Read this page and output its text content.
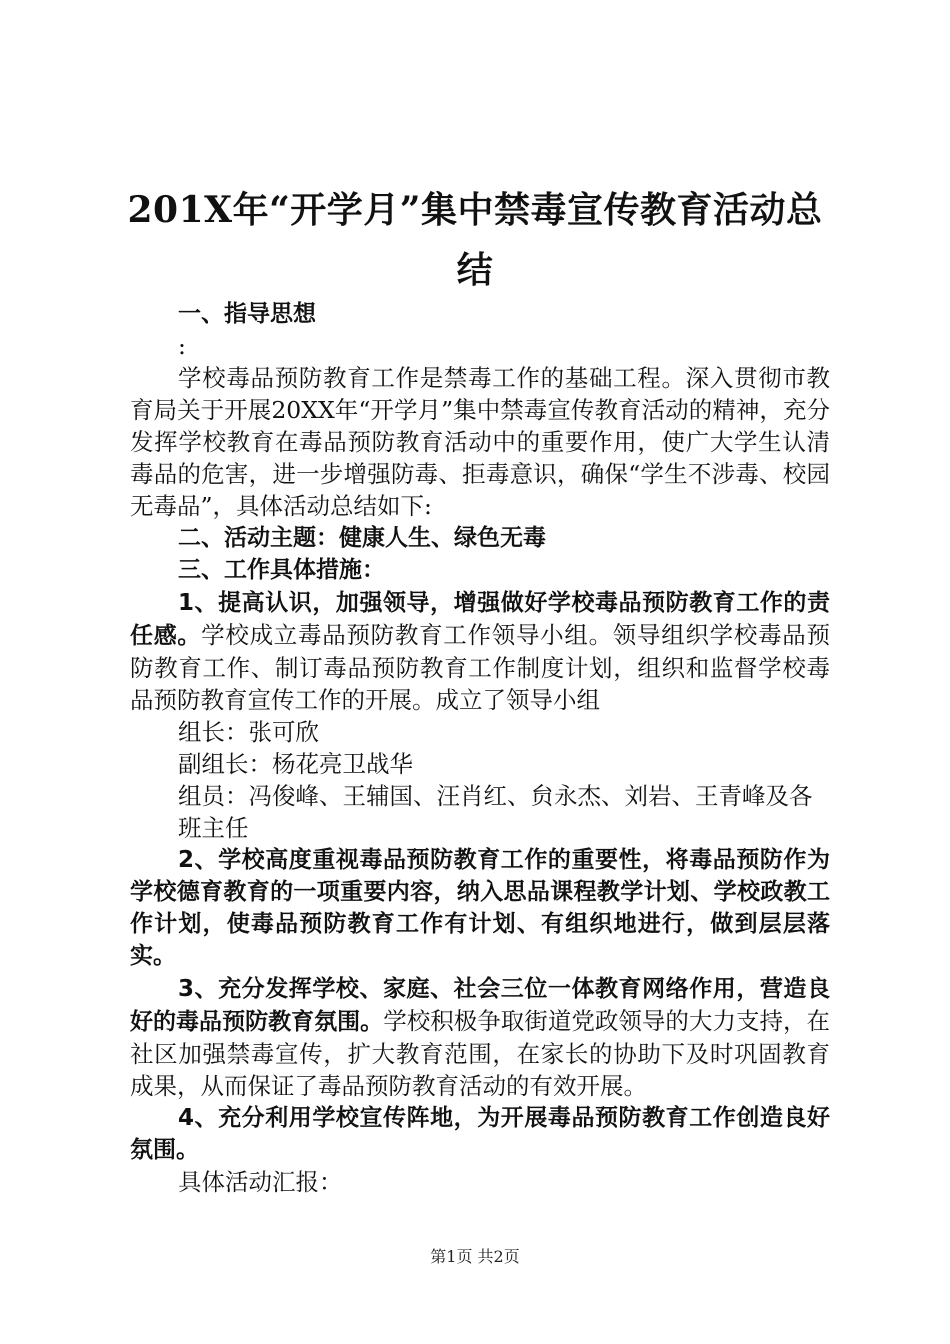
201X年“开学月”集中禁毒宣传教育活动总
结

一、指导思想

:

学校毒品预防教育工作是禁毒工作的基础工程。深入贯彻市教育局关于开展20XX年“开学月”集中禁毒宣传教育活动的精神，充分发挥学校教育在毒品预防教育活动中的重要作用，使广大学生认清毒品的危害，进一步增强防毒、拒毒意识，确保“学生不涉毒、校园无毒品”，具体活动总结如下:

二、活动主题：健康人生、绿色无毒

三、工作具体措施：

1、提高认识，加强领导，增强做好学校毒品预防教育工作的责任感。学校成立毒品预防教育工作领导小组。领导组织学校毒品预防教育工作、制订毒品预防教育工作制度计划，组织和监督学校毒品预防教育宣传工作的开展。成立了领导小组

组长：张可欣

副组长：杨花亮卫战华

组员：冯俊峰、王辅国、汪肖红、贠永杰、刘岩、王青峰及各班主任

2、学校高度重视毒品预防教育工作的重要性，将毒品预防作为学校德育教育的一项重要内容，纳入思品课程教学计划、学校政教工作计划，使毒品预防教育工作有计划、有组织地进行，做到层层落实。

3、充分发挥学校、家庭、社会三位一体教育网络作用，营造良好的毒品预防教育氛围。学校积极争取街道党政领导的大力支持，在社区加强禁毒宣传，扩大教育范围，在家长的协助下及时巩固教育成果，从而保证了毒品预防教育活动的有效开展。

4、充分利用学校宣传阵地，为开展毒品预防教育工作创造良好氛围。

具体活动汇报：

第1页 共2页
